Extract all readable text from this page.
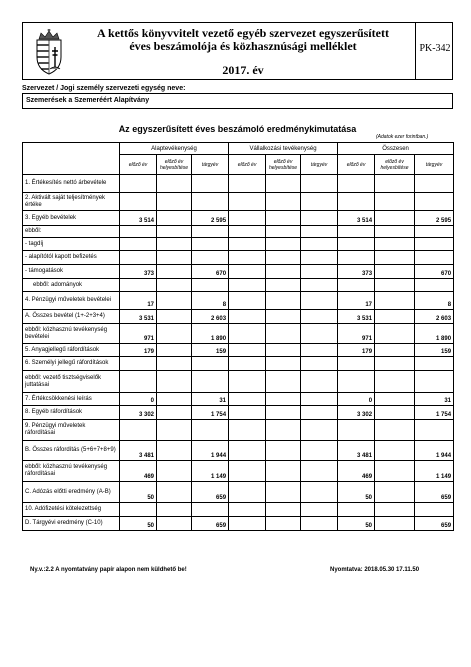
A kettős könyvvitelt vezető egyéb szervezet egyszerűsített
éves beszámolója és közhasznúsági melléklet
2017. év
PK-342
Szervezet / Jogi személy szervezeti egység neve:
Szemerések a Szemeréért Alapítvány
Az egyszerűsített éves beszámoló eredménykimutatása
(Adatok ezer forintban.)
	Alaptevékenység			Vállalkozási tevékenység			Összesen		
	előző év	előző év helyesbítése	tárgyév	előző év	előző év helyesbítése	tárgyév	előző év	előző év helyesbítése	tárgyév
1. Értékesítés nettó árbevétele									
2. Aktivált saját teljesítmények értéke									
3. Egyéb bevételek	3 514		2 595				3 514		2 595
ebből:									
- tagdíj									
- alapítótól kapott befizetés									
- támogatások	373		670				373		670
ebből: adományok									
4. Pénzügyi műveletek bevételei	17		8				17		8
A. Összes bevétel (1+-2+3+4)	3 531		2 603				3 531		2 603
ebből: közhasznú tevékenység bevételei	971		1 890				971		1 890
5. Anyagjellegű ráfordítások	179		159				179		159
6. Személyi jellegű ráfordítások									
ebből: vezető tisztségviselők juttatásai									
7. Értékcsökkenési leírás	0		31				0		31
8. Egyéb ráfordítások	3 302		1 754				3 302		1 754
9. Pénzügyi műveletek ráfordításai									
B. Összes ráfordítás (5+6+7+8+9)	3 481		1 944				3 481		1 944
ebből: közhasznú tevékenység ráfordításai	469		1 149				469		1 149
C. Adózás előtti eredmény (A-B)	50		659				50		659
10. Adófizetési kötelezettség									
D. Tárgyévi eredmény (C-10)	50		659				50		659
Ny.v.:2.2 A nyomtatvány papír alapon nem küldhető be!	Nyomtatva: 2018.05.30 17.11.50
